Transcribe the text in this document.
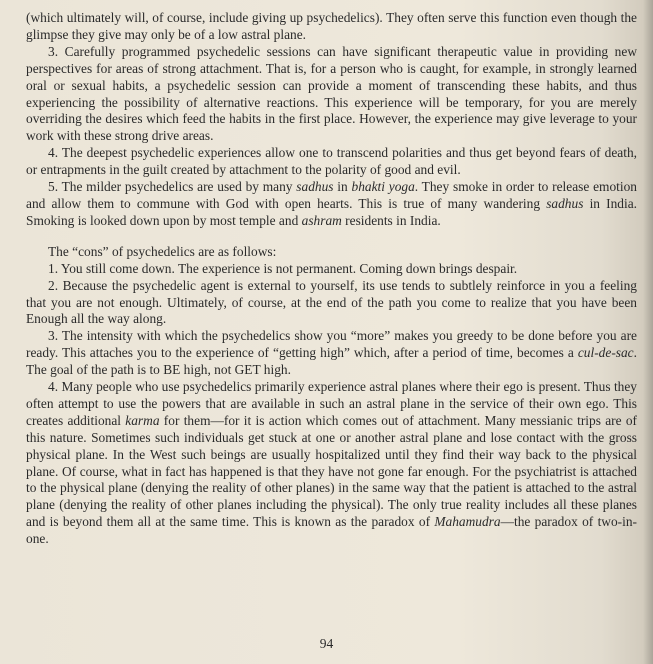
(which ultimately will, of course, include giving up psychedelics). They often serve this function even though the glimpse they give may only be of a low astral plane.

3. Carefully programmed psychedelic sessions can have significant therapeutic value in providing new perspectives for areas of strong attachment. That is, for a person who is caught, for example, in strongly learned oral or sexual habits, a psychedelic session can provide a moment of transcending these habits, and thus experiencing the possibility of alternative reactions. This experience will be temporary, for you are merely overriding the desires which feed the habits in the first place. However, the experience may give leverage to your work with these strong drive areas.

4. The deepest psychedelic experiences allow one to transcend polarities and thus get beyond fears of death, or entrapments in the guilt created by attachment to the polarity of good and evil.

5. The milder psychedelics are used by many sadhus in bhakti yoga. They smoke in order to release emotion and allow them to commune with God with open hearts. This is true of many wandering sadhus in India. Smoking is looked down upon by most temple and ashram residents in India.

The “cons” of psychedelics are as follows:

1. You still come down. The experience is not permanent. Coming down brings despair.

2. Because the psychedelic agent is external to yourself, its use tends to subtlely reinforce in you a feeling that you are not enough. Ultimately, of course, at the end of the path you come to realize that you have been Enough all the way along.

3. The intensity with which the psychedelics show you “more” makes you greedy to be done before you are ready. This attaches you to the experience of “getting high” which, after a period of time, becomes a cul-de-sac. The goal of the path is to BE high, not GET high.

4. Many people who use psychedelics primarily experience astral planes where their ego is present. Thus they often attempt to use the powers that are available in such an astral plane in the service of their own ego. This creates additional karma for them—for it is action which comes out of attachment. Many messianic trips are of this nature. Sometimes such individuals get stuck at one or another astral plane and lose contact with the gross physical plane. In the West such beings are usually hospitalized until they find their way back to the physical plane. Of course, what in fact has happened is that they have not gone far enough. For the psychiatrist is attached to the physical plane (denying the reality of other planes) in the same way that the patient is attached to the astral plane (denying the reality of other planes including the physical). The only true reality includes all these planes and is beyond them all at the same time. This is known as the paradox of Mahamudra—the paradox of two-in-one.

94
